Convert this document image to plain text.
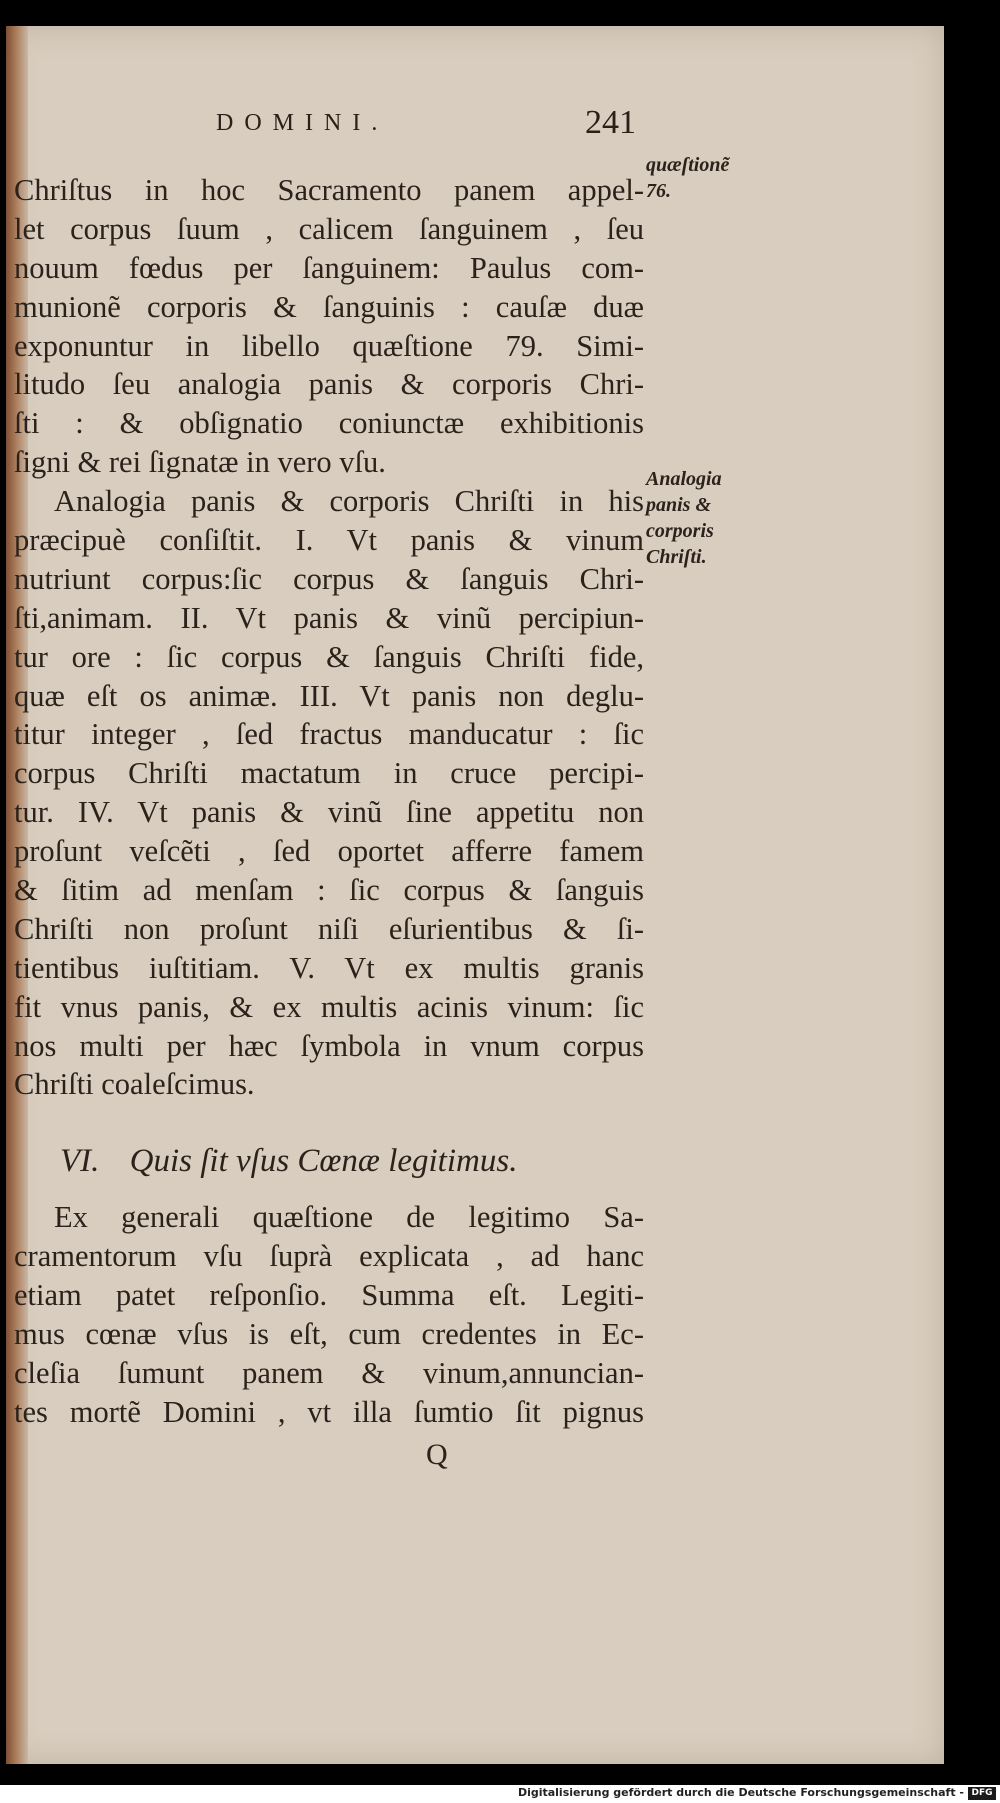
DOMINI.	241
Chriſtus in hoc Sacramento panem appel-
let corpus ſuum , calicem ſanguinem , ſeu
nouum fœdus per ſanguinem: Paulus com-
munionẽ corporis & ſanguinis : cauſæ duæ
exponuntur in libello quæſtione 79. Simi-
litudo ſeu analogia panis & corporis Chri-
ſti : & obſignatio coniunctæ exhibitionis
ſigni & rei ſignatæ in vero vſu.
Analogia panis & corporis Chriſti in his
præcipuè conſiſtit. I. Vt panis & vinum
nutriunt corpus:ſic corpus & ſanguis Chri-
ſti,animam. II. Vt panis & vinũ percipiun-
tur ore : ſic corpus & ſanguis Chriſti fide,
quæ eſt os animæ. III. Vt panis non deglu-
titur integer , ſed fractus manducatur : ſic
corpus Chriſti mactatum in cruce percipi-
tur. IV. Vt panis & vinũ ſine appetitu non
proſunt veſcẽti , ſed oportet afferre famem
& ſitim ad menſam : ſic corpus & ſanguis
Chriſti non proſunt niſi eſurientibus & ſi-
tientibus iuſtitiam. V. Vt ex multis granis
fit vnus panis, & ex multis acinis vinum: ſic
nos multi per hæc ſymbola in vnum corpus
Chriſti coaleſcimus.
VI. Quis ſit vſus Cœnæ legitimus.
Ex generali quæſtione de legitimo Sa-
cramentorum vſu ſuprà explicata , ad hanc
etiam patet reſponſio. Summa eſt. Legiti-
mus cœnæ vſus is eſt, cum credentes in Ec-
cleſia ſumunt panem & vinum,annuncian-
tes mortẽ Domini , vt illa ſumtio ſit pignus
quæſtionẽ
76.
Analogia
panis &
corporis
Chriſti.
Q
Digitalisierung gefördert durch die Deutsche Forschungsgemeinschaft - DFG
